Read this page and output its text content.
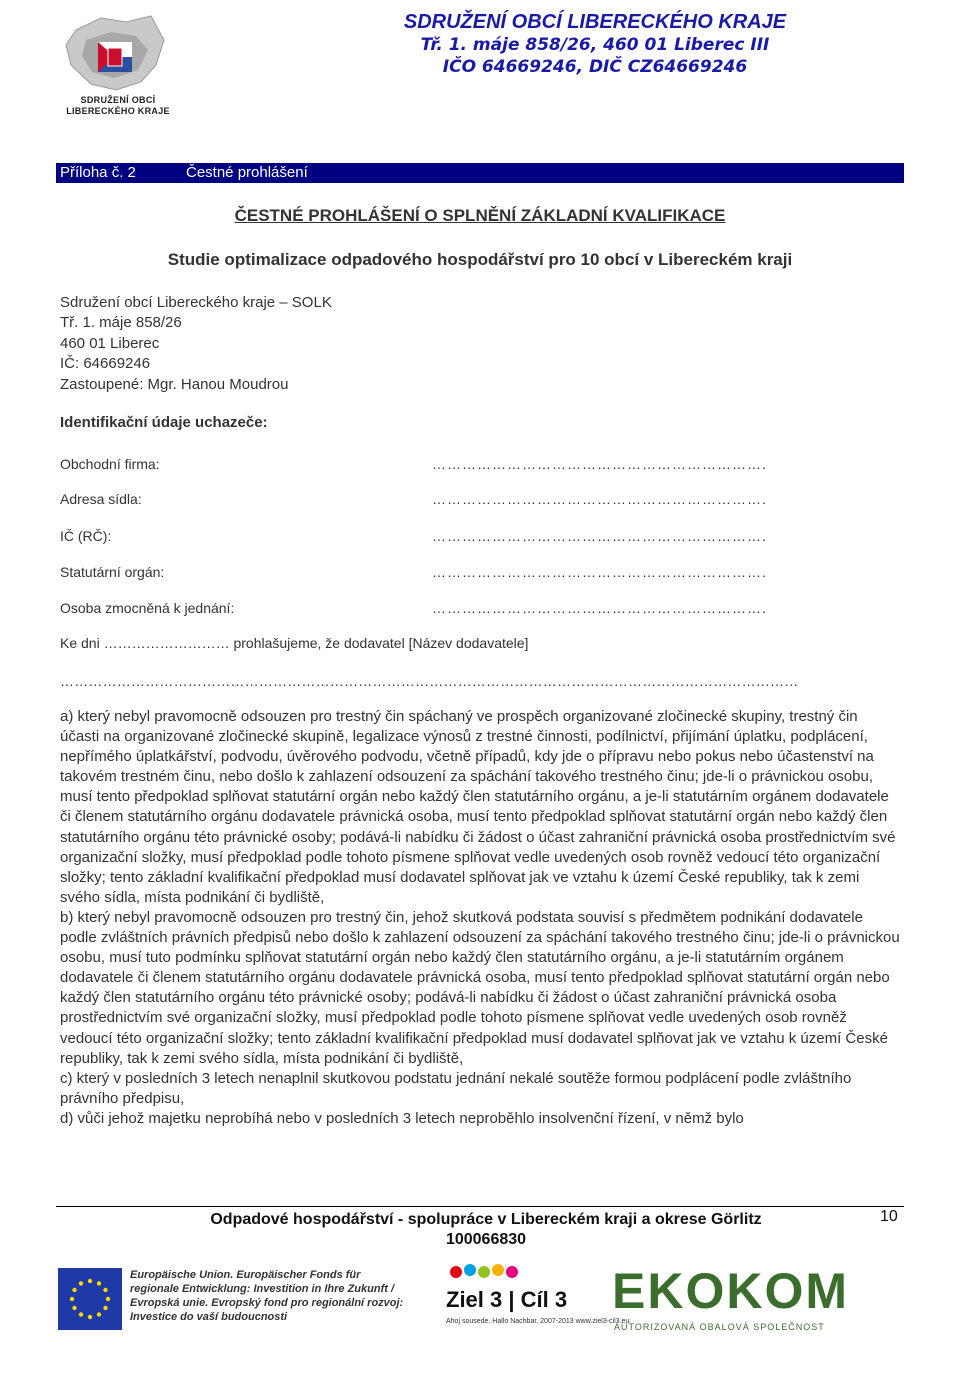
SDRUŽENÍ OBCÍ
LIBERECKÉHO KRAJE
SDRUŽENÍ OBCÍ LIBERECKÉHO KRAJE
Tř. 1. máje 858/26, 460 01 Liberec III
IČO 64669246, DIČ CZ64669246
Příloha č. 2	Čestné prohlášení
ČESTNÉ PROHLÁŠENÍ O SPLNĚNÍ ZÁKLADNÍ KVALIFIKACE
Studie optimalizace odpadového hospodářství pro 10 obcí v Libereckém kraji
Sdružení obcí Libereckého kraje – SOLK
Tř. 1. máje 858/26
460 01 Liberec
IČ: 64669246
Zastoupené: Mgr. Hanou Moudrou
Identifikační údaje uchazeče:
Obchodní firma:	………………………………………………………….
Adresa sídla:	………………………………………………………….
IČ (RČ):	………………………………………………………….
Statutární orgán:	………………………………………………………….
Osoba zmocněná k jednání:	………………………………………………………….
Ke dni ……………………… prohlašujeme, že dodavatel [Název dodavatele]
…………………………………………………………………………………………………………………………………………
a) který nebyl pravomocně odsouzen pro trestný čin spáchaný ve prospěch organizované zločinecké skupiny, trestný čin účasti na organizované zločinecké skupině, legalizace výnosů z trestné činnosti, podílnictví, přijímání úplatku, podplácení, nepřímého úplatkářství, podvodu, úvěrového podvodu, včetně případů, kdy jde o přípravu nebo pokus nebo účastenství na takovém trestném činu, nebo došlo k zahlazení odsouzení za spáchání takového trestného činu; jde-li o právnickou osobu, musí tento předpoklad splňovat statutární orgán nebo každý člen statutárního orgánu, a je-li statutárním orgánem dodavatele či členem statutárního orgánu dodavatele právnická osoba, musí tento předpoklad splňovat statutární orgán nebo každý člen statutárního orgánu této právnické osoby; podává-li nabídku či žádost o účast zahraniční právnická osoba prostřednictvím své organizační složky, musí předpoklad podle tohoto písmene splňovat vedle uvedených osob rovněž vedoucí této organizační složky; tento základní kvalifikační předpoklad musí dodavatel splňovat jak ve vztahu k území České republiky, tak k zemi svého sídla, místa podnikání či bydliště,
b) který nebyl pravomocně odsouzen pro trestný čin, jehož skutková podstata souvisí s předmětem podnikání dodavatele podle zvláštních právních předpisů nebo došlo k zahlazení odsouzení za spáchání takového trestného činu; jde-li o právnickou osobu, musí tuto podmínku splňovat statutární orgán nebo každý člen statutárního orgánu, a je-li statutárním orgánem dodavatele či členem statutárního orgánu dodavatele právnická osoba, musí tento předpoklad splňovat statutární orgán nebo každý člen statutárního orgánu této právnické osoby; podává-li nabídku či žádost o účast zahraniční právnická osoba prostřednictvím své organizační složky, musí předpoklad podle tohoto písmene splňovat vedle uvedených osob rovněž vedoucí této organizační složky; tento základní kvalifikační předpoklad musí dodavatel splňovat jak ve vztahu k území České republiky, tak k zemi svého sídla, místa podnikání či bydliště,
c) který v posledních 3 letech nenaplnil skutkovou podstatu jednání nekalé soutěže formou podplácení podle zvláštního právního předpisu,
d) vůči jehož majetku neprobíhá nebo v posledních 3 letech neproběhlo insolvenční řízení, v němž bylo
Odpadové hospodářství - spolupráce v Libereckém kraji a okrese Görlitz
100066830
10
Europäische Union. Europäischer Fonds für regionale Entwicklung: Investition in Ihre Zukunft / Evropská unie. Evropský fond pro regionální rozvoj: Investice do vaší budoucnosti
Ziel 3 | Cíl 3
Ahoj sousede. Hallo Nachbar. 2007-2013 www.ziel3-cil3.eu
EKOKOM
AUTORIZOVANÁ OBALOVÁ SPOLEČNOST
